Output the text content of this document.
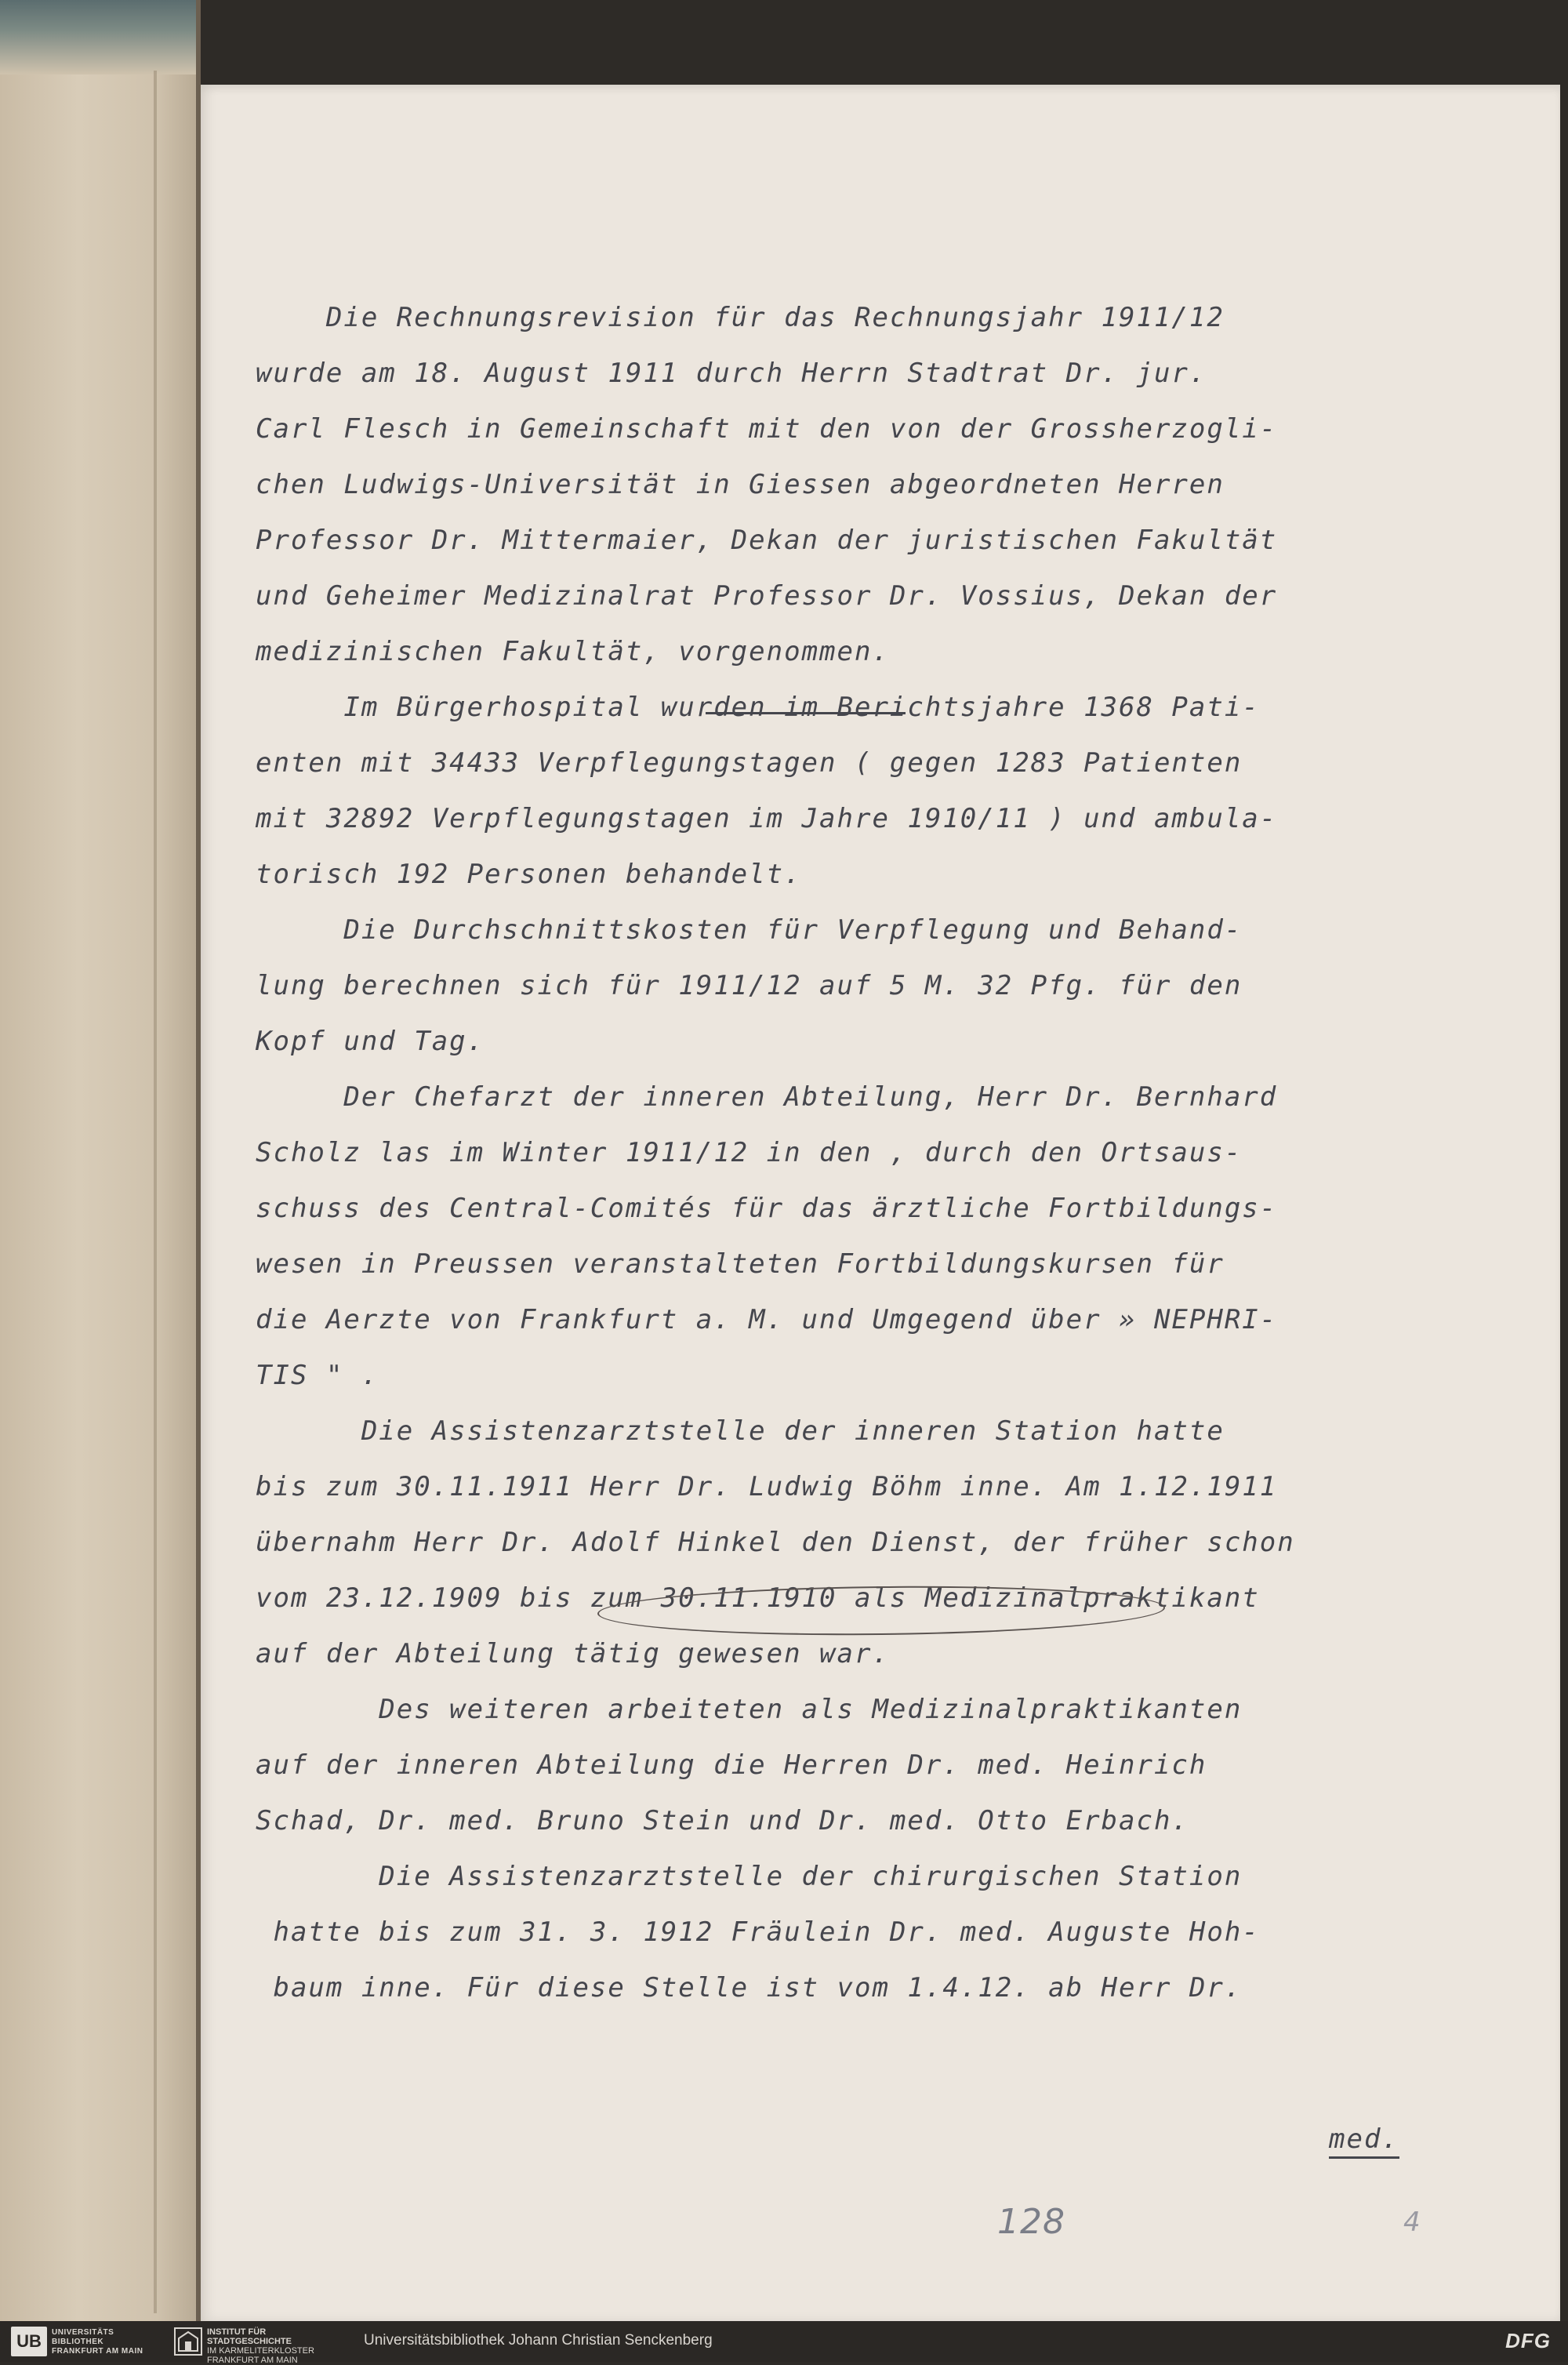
Die Rechnungsrevision für das Rechnungsjahr 1911/12
wurde am 18. August 1911 durch Herrn Stadtrat Dr. jur.
Carl Flesch in Gemeinschaft mit den von der Grossherzogli-
chen Ludwigs-Universität in Giessen abgeordneten Herren
Professor Dr. Mittermaier, Dekan der juristischen Fakultät
und Geheimer Medizinalrat Professor Dr. Vossius, Dekan der
medizinischen Fakultät, vorgenommen.
Im Bürgerhospital wurden im Berichtsjahre 1368 Pati-
enten mit 34433 Verpflegungstagen ( gegen 1283 Patienten
mit 32892 Verpflegungstagen im Jahre 1910/11 ) und ambula-
torisch 192 Personen behandelt.
Die Durchschnittskosten für Verpflegung und Behand-
lung berechnen sich für 1911/12 auf 5 M. 32 Pfg. für den
Kopf und Tag.
Der Chefarzt der inneren Abteilung, Herr Dr. Bernhard
Scholz las im Winter 1911/12 in den , durch den Ortsaus-
schuss des Central-Comités für das ärztliche Fortbildungs-
wesen in Preussen veranstalteten Fortbildungskursen für
die Aerzte von Frankfurt a. M. und Umgegend über » NEPHRI-
TIS " .
Die Assistenzarztstelle der inneren Station hatte
bis zum 30.11.1911 Herr Dr. Ludwig Böhm inne. Am 1.12.1911
übernahm Herr Dr. Adolf Hinkel den Dienst, der früher schon
vom 23.12.1909 bis zum 30.11.1910 als Medizinalpraktikant
auf der Abteilung tätig gewesen war.
Des weiteren arbeiteten als Medizinalpraktikanten
auf der inneren Abteilung die Herren Dr. med. Heinrich
Schad, Dr. med. Bruno Stein und Dr. med. Otto Erbach.
Die Assistenzarztstelle der chirurgischen Station
hatte bis zum 31. 3. 1912 Fräulein Dr. med. Auguste Hoh-
baum inne. Für diese Stelle ist vom 1.4.12. ab Herr Dr.
med.
128	4
UB	UNIVERSITÄTS
BIBLIOTHEK
FRANKFURT AM MAIN
INSTITUT FÜR
STADTGESCHICHTE
IM KARMELITERKLOSTER
FRANKFURT AM MAIN
Universitätsbibliothek Johann Christian Senckenberg	DFG
